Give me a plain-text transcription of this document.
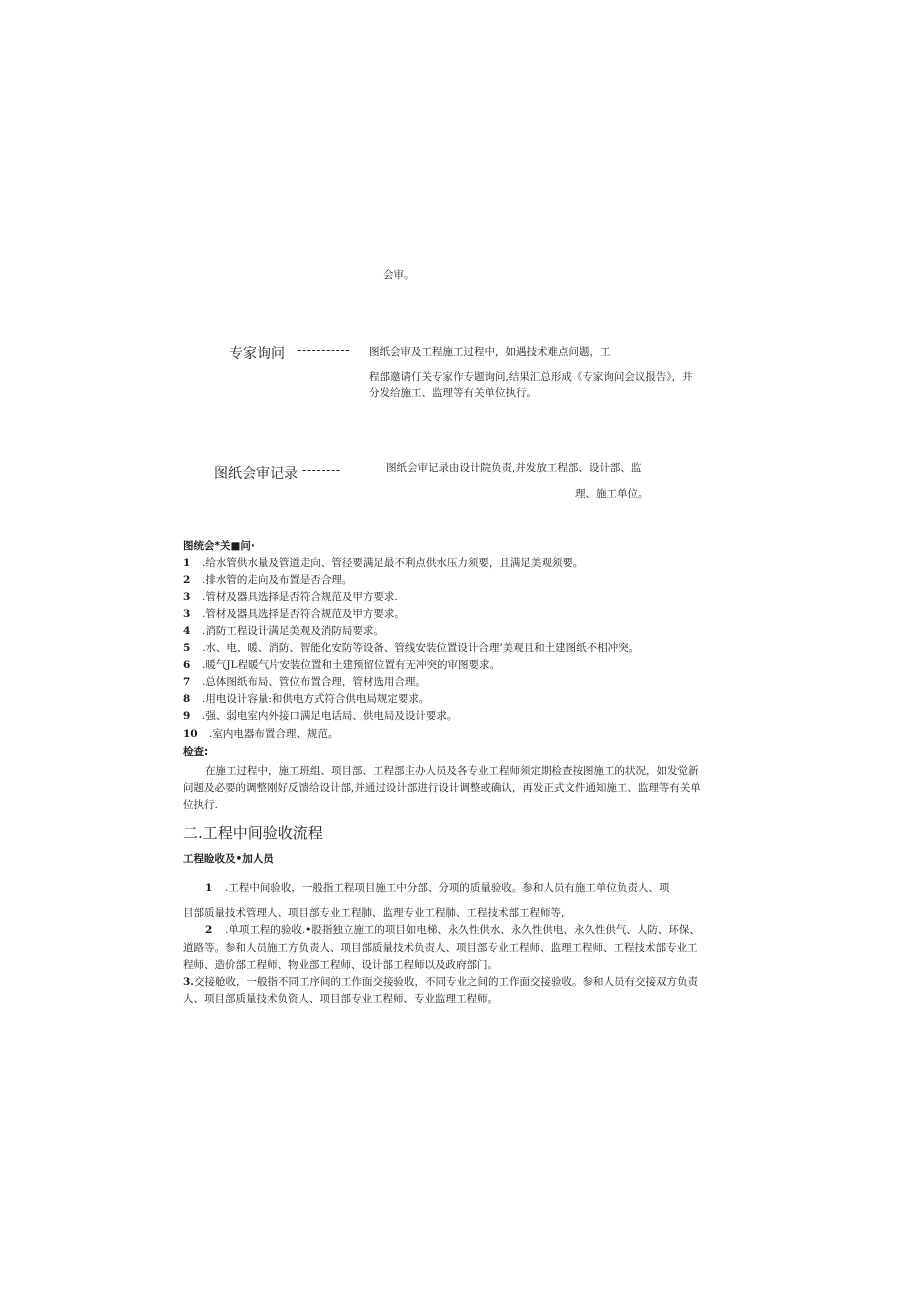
会审。
专家询问 ----------- 图纸会审及工程施工过程中，如遇技术难点问题，工
程部邀请仃关专家作专题询问,结果汇总形成《专家询问会议报告》，并
分发给施工、监理等有关单位执行。
图纸会审记录 --------	图纸会审记录由设计院负责,并发放工程部、设计部、监
理、施工单位。
图统会*关■问·
1 .给水管供水量及管道走向、管径要满足最不利点供水压力须要，且满足美观须要。
2 .排水管的走向及布置是否合理。
3 .管材及器具选择是否符合规范及甲方要求.
3 .管材及器具选择是否符合规范及甲方要求。
4 .消防工程设计满足美观及消防局要求。
5 .水、电、暖、消防、智能化安防等设备、管线安装位置设计合理’美观且和土建图纸不相冲突。
6 .暖气JL程暖气片安装位置和土建预留位置有无冲突的审图要求。
7 .总体图纸布局、管位布置合理，管材选用合理。
8 .用电设计容量:和供电方式符合供电局规定要求。
9 .强、弱电室内外接口满足电话局、供电局及设计要求。
10 .室内电器布置合理、规范。
检查:
在施工过程中，施工班组、项目部、工程部主办人员及各专业工程师须定期检查按图施工的状况，如发觉新
问题及必要的调整刚好反馈给设计部,并通过设计部进行设计调整或确认，再发正式文件通知施工、监理等有关单
位执行.
二.工程中间验收流程
工程睑收及•加人员
1 .工程中间验收，一般指工程项目施工中分部、分项的质量验收。参和人员有施工单位负责人、项
目部质量技术管理人、项目部专业工程肺、监理专业工程肺、工程技术部工程师等,
2 .单项工程的验收.•股指独立施工的项目如电梯、永久性供水、永久性供电、永久性供气、人防、环保、
道路等。参和人员施工方负责人、项目部质量技术负责人、项目部专业工程师、监理工程师、工程技术部专业工
程师、造价部工程师、物业部工程师、设计部工程师以及政府部门。
3.交接舱收，一般指不同工序间的工作面交接验收，不同专业之间的工作面交接验收。参和人员有交接双方负责
人、项目部质量技术负资人、项目部专业工程师、专业监理工程师。
